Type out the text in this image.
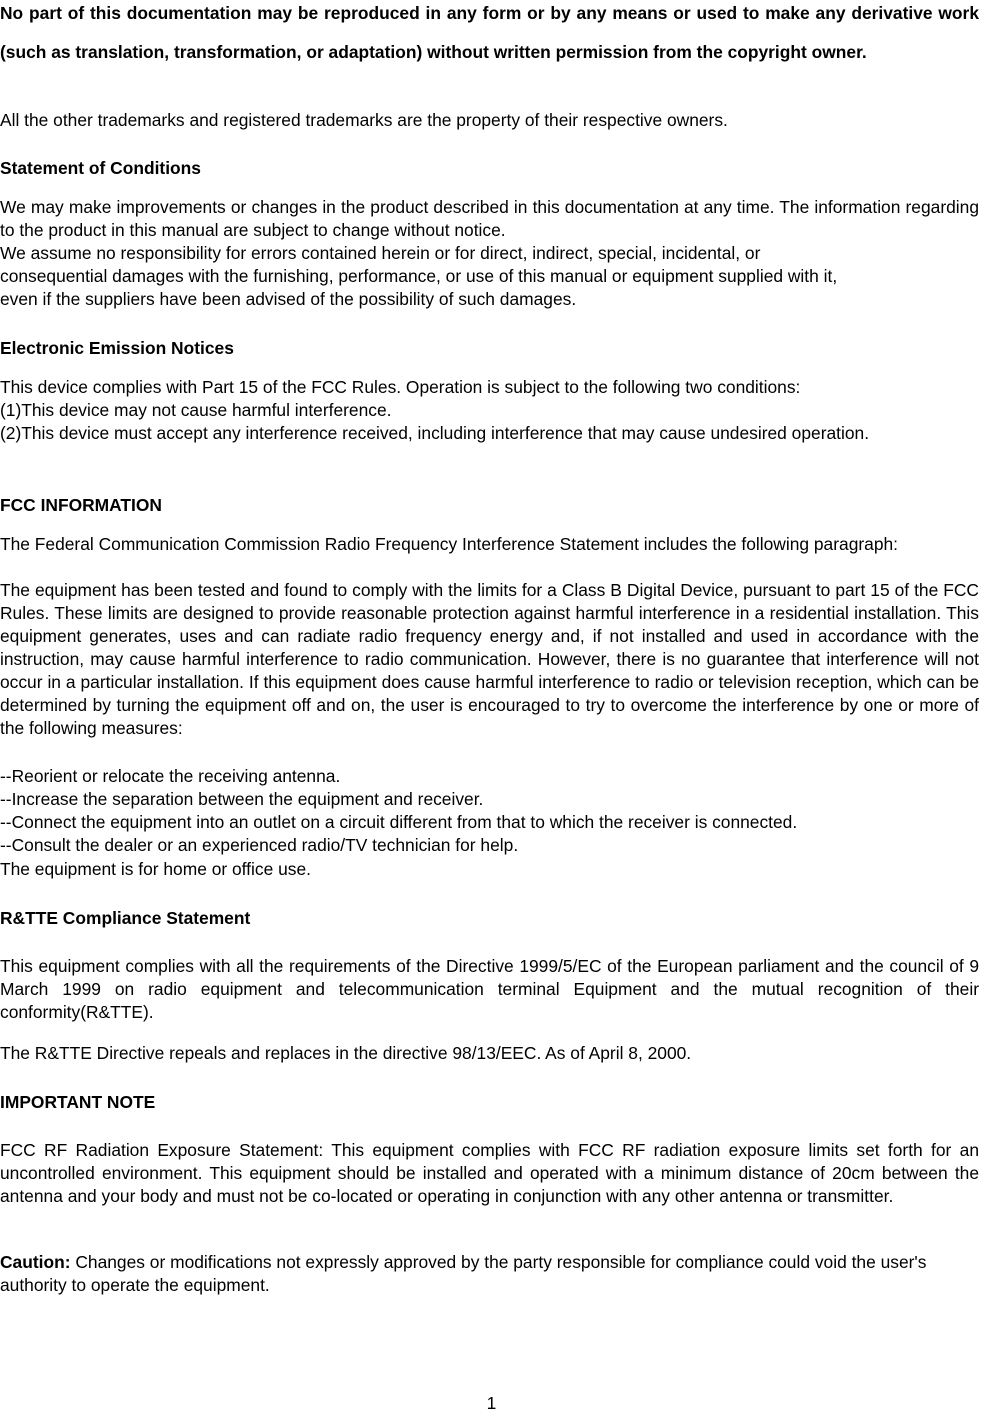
No part of this documentation may be reproduced in any form or by any means or used to make any derivative work (such as translation, transformation, or adaptation) without written permission from the copyright owner.

All the other trademarks and registered trademarks are the property of their respective owners.

Statement of Conditions

We may make improvements or changes in the product described in this documentation at any time. The information regarding to the product in this manual are subject to change without notice.

We assume no responsibility for errors contained herein or for direct, indirect, special, incidental, or
consequential damages with the furnishing, performance, or use of this manual or equipment supplied with it,
even if the suppliers have been advised of the possibility of such damages.

Electronic Emission Notices

This device complies with Part 15 of the FCC Rules. Operation is subject to the following two conditions:

(1)This device may not cause harmful interference.

(2)This device must accept any interference received, including interference that may cause undesired operation.

FCC INFORMATION

The Federal Communication Commission Radio Frequency Interference Statement includes the following paragraph:

The equipment has been tested and found to comply with the limits for a Class B Digital Device, pursuant to part 15 of the FCC Rules. These limits are designed to provide reasonable protection against harmful interference in a residential installation. This equipment generates, uses and can radiate radio frequency energy and, if not installed and used in accordance with the instruction, may cause harmful interference to radio communication. However, there is no guarantee that interference will not occur in a particular installation. If this equipment does cause harmful interference to radio or television reception, which can be determined by turning the equipment off and on, the user is encouraged to try to overcome the interference by one or more of the following measures:

--Reorient or relocate the receiving antenna.
--Increase the separation between the equipment and receiver.
--Connect the equipment into an outlet on a circuit different from that to which the receiver is connected.
--Consult the dealer or an experienced radio/TV technician for help.

The equipment is for home or office use.

R&TTE Compliance Statement

This equipment complies with all the requirements of the Directive 1999/5/EC of the European parliament and the council of 9 March 1999 on radio equipment and telecommunication terminal Equipment and the mutual recognition of their conformity(R&TTE).

The R&TTE Directive repeals and replaces in the directive 98/13/EEC. As of April 8, 2000.

IMPORTANT NOTE

FCC RF Radiation Exposure Statement: This equipment complies with FCC RF radiation exposure limits set forth for an uncontrolled environment. This equipment should be installed and operated with a minimum distance of 20cm between the antenna and your body and must not be co-located or operating in conjunction with any other antenna or transmitter.

Caution: Changes or modifications not expressly approved by the party responsible for compliance could void the user's authority to operate the equipment.

1
